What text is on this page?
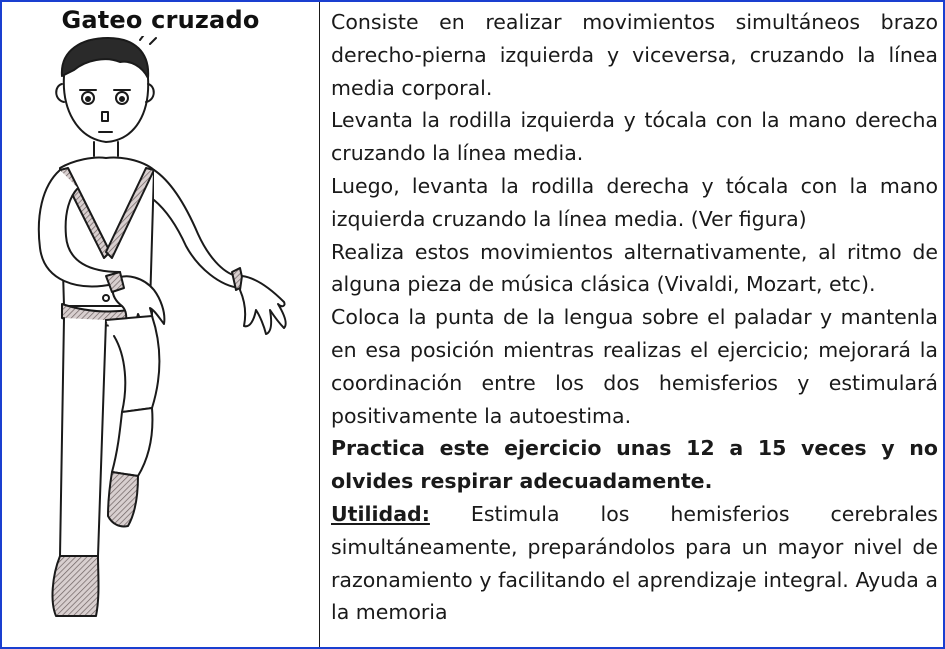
Gateo cruzado	Consiste en realizar movimientos simultáneos brazo derecho-pierna izquierda y viceversa, cruzando la línea media corporal.

Levanta la rodilla izquierda y tócala con la mano derecha cruzando la línea media.

Luego, levanta la rodilla derecha y tócala con la mano izquierda cruzando la línea media. (Ver figura)

Realiza estos movimientos alternativamente, al ritmo de alguna pieza de música clásica (Vivaldi, Mozart, etc).

Coloca la punta de la lengua sobre el paladar y mantenla en esa posición mientras realizas el ejercicio; mejorará la coordinación entre los dos hemisferios y estimulará positivamente la autoestima.

Practica este ejercicio unas 12 a 15 veces y no olvides respirar adecuadamente.

Utilidad: Estimula los hemisferios cerebrales simultáneamente, preparándolos para un mayor nivel de razonamiento y facilitando el aprendizaje integral. Ayuda a la memoria
